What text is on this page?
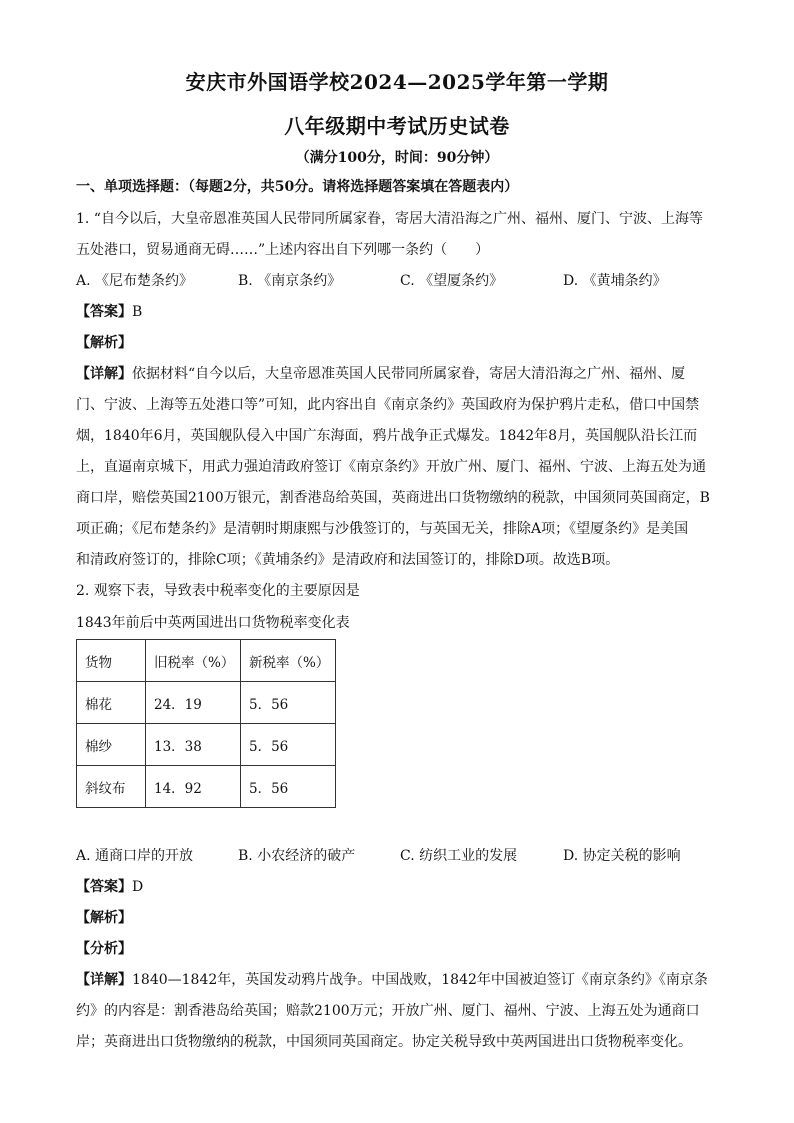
安庆市外国语学校2024—2025学年第一学期
八年级期中考试历史试卷
（满分100分，时间：90分钟）
一、单项选择题：（每题2分，共50分。请将选择题答案填在答题表内）
1. “自今以后，大皇帝恩准英国人民带同所属家眷，寄居大清沿海之广州、福州、厦门、宁波、上海等
五处港口，贸易通商无碍……”上述内容出自下列哪一条约（　　）
A. 《尼布楚条约》	B. 《南京条约》	C. 《望厦条约》	D. 《黄埔条约》
【答案】B
【解析】
【详解】依据材料“自今以后，大皇帝恩准英国人民带同所属家眷，寄居大清沿海之广州、福州、厦
门、宁波、上海等五处港口等”可知，此内容出自《南京条约》英国政府为保护鸦片走私，借口中国禁
烟，1840年6月，英国舰队侵入中国广东海面，鸦片战争正式爆发。1842年8月，英国舰队沿长江而
上，直逼南京城下，用武力强迫清政府签订《南京条约》开放广州、厦门、福州、宁波、上海五处为通
商口岸，赔偿英国2100万银元，割香港岛给英国，英商进出口货物缴纳的税款，中国须同英国商定，B
项正确；《尼布楚条约》是清朝时期康熙与沙俄签订的，与英国无关，排除A项；《望厦条约》是美国
和清政府签订的，排除C项；《黄埔条约》是清政府和法国签订的，排除D项。故选B项。
2. 观察下表，导致表中税率变化的主要原因是
1843年前后中英两国进出口货物税率变化表
货物	旧税率（%）	新税率（%）
棉花	24．19	5．56
棉纱	13．38	5．56
斜纹布	14．92	5．56
A. 通商口岸的开放	B. 小农经济的破产	C. 纺织工业的发展	D. 协定关税的影响
【答案】D
【解析】
【分析】
【详解】1840—1842年，英国发动鸦片战争。中国战败，1842年中国被迫签订《南京条约》《南京条
约》的内容是：割香港岛给英国；赔款2100万元；开放广州、厦门、福州、宁波、上海五处为通商口
岸；英商进出口货物缴纳的税款，中国须同英国商定。协定关税导致中英两国进出口货物税率变化。
